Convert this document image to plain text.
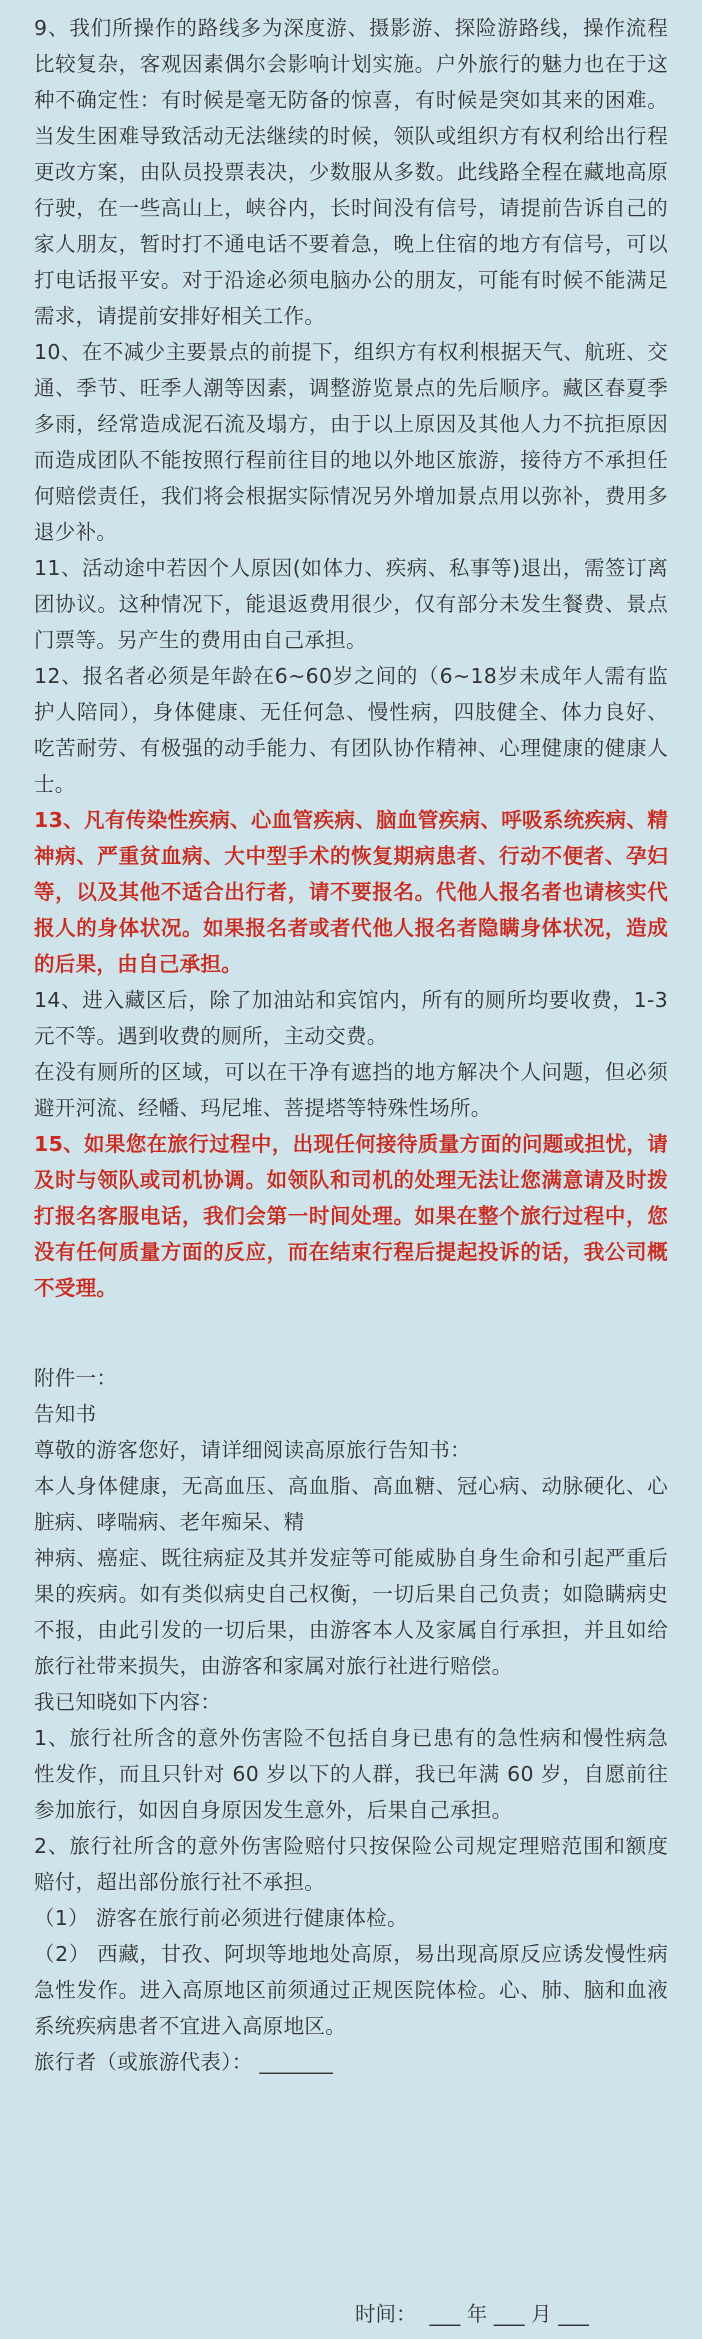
9、我们所操作的路线多为深度游、摄影游、探险游路线，操作流程比较复杂，客观因素偶尔会影响计划实施。户外旅行的魅力也在于这种不确定性：有时候是毫无防备的惊喜，有时候是突如其来的困难。当发生困难导致活动无法继续的时候，领队或组织方有权利给出行程更改方案，由队员投票表决，少数服从多数。此线路全程在藏地高原行驶，在一些高山上，峡谷内，长时间没有信号，请提前告诉自己的家人朋友，暂时打不通电话不要着急，晚上住宿的地方有信号，可以打电话报平安。对于沿途必须电脑办公的朋友，可能有时候不能满足需求，请提前安排好相关工作。

10、在不减少主要景点的前提下，组织方有权利根据天气、航班、交通、季节、旺季人潮等因素，调整游览景点的先后顺序。藏区春夏季多雨，经常造成泥石流及塌方，由于以上原因及其他人力不抗拒原因而造成团队不能按照行程前往目的地以外地区旅游，接待方不承担任何赔偿责任，我们将会根据实际情况另外增加景点用以弥补，费用多退少补。

11、活动途中若因个人原因(如体力、疾病、私事等)退出，需签订离团协议。这种情况下，能退返费用很少，仅有部分未发生餐费、景点门票等。另产生的费用由自己承担。

12、报名者必须是年龄在6~60岁之间的（6~18岁未成年人需有监护人陪同），身体健康、无任何急、慢性病，四肢健全、体力良好、吃苦耐劳、有极强的动手能力、有团队协作精神、心理健康的健康人士。

13、凡有传染性疾病、心血管疾病、脑血管疾病、呼吸系统疾病、精神病、严重贫血病、大中型手术的恢复期病患者、行动不便者、孕妇等，以及其他不适合出行者，请不要报名。代他人报名者也请核实代报人的身体状况。如果报名者或者代他人报名者隐瞒身体状况，造成的后果，由自己承担。

14、进入藏区后，除了加油站和宾馆内，所有的厕所均要收费，1-3元不等。遇到收费的厕所，主动交费。

在没有厕所的区域，可以在干净有遮挡的地方解决个人问题，但必须避开河流、经幡、玛尼堆、菩提塔等特殊性场所。

15、如果您在旅行过程中，出现任何接待质量方面的问题或担忧，请及时与领队或司机协调。如领队和司机的处理无法让您满意请及时拨打报名客服电话，我们会第一时间处理。如果在整个旅行过程中，您没有任何质量方面的反应，而在结束行程后提起投诉的话，我公司概不受理。

附件一：

告知书

尊敬的游客您好，请详细阅读高原旅行告知书：

本人身体健康，无高血压、高血脂、高血糖、冠心病、动脉硬化、心脏病、哮喘病、老年痴呆、精

神病、癌症、既往病症及其并发症等可能威胁自身生命和引起严重后果的疾病。如有类似病史自己权衡，一切后果自己负责；如隐瞒病史不报，由此引发的一切后果，由游客本人及家属自行承担，并且如给旅行社带来损失，由游客和家属对旅行社进行赔偿。

我已知晓如下内容：

1、旅行社所含的意外伤害险不包括自身已患有的急性病和慢性病急性发作，而且只针对 60 岁以下的人群，我已年满 60 岁，自愿前往参加旅行，如因自身原因发生意外，后果自己承担。

2、旅行社所含的意外伤害险赔付只按保险公司规定理赔范围和额度赔付，超出部份旅行社不承担。

（1） 游客在旅行前必须进行健康体检。

（2） 西藏，甘孜、阿坝等地地处高原，易出现高原反应诱发慢性病急性发作。进入高原地区前须通过正规医院体检。心、肺、脑和血液系统疾病患者不宜进入高原地区。

旅行者（或旅游代表）： _______

时间：  ___ 年 ___ 月 ___
